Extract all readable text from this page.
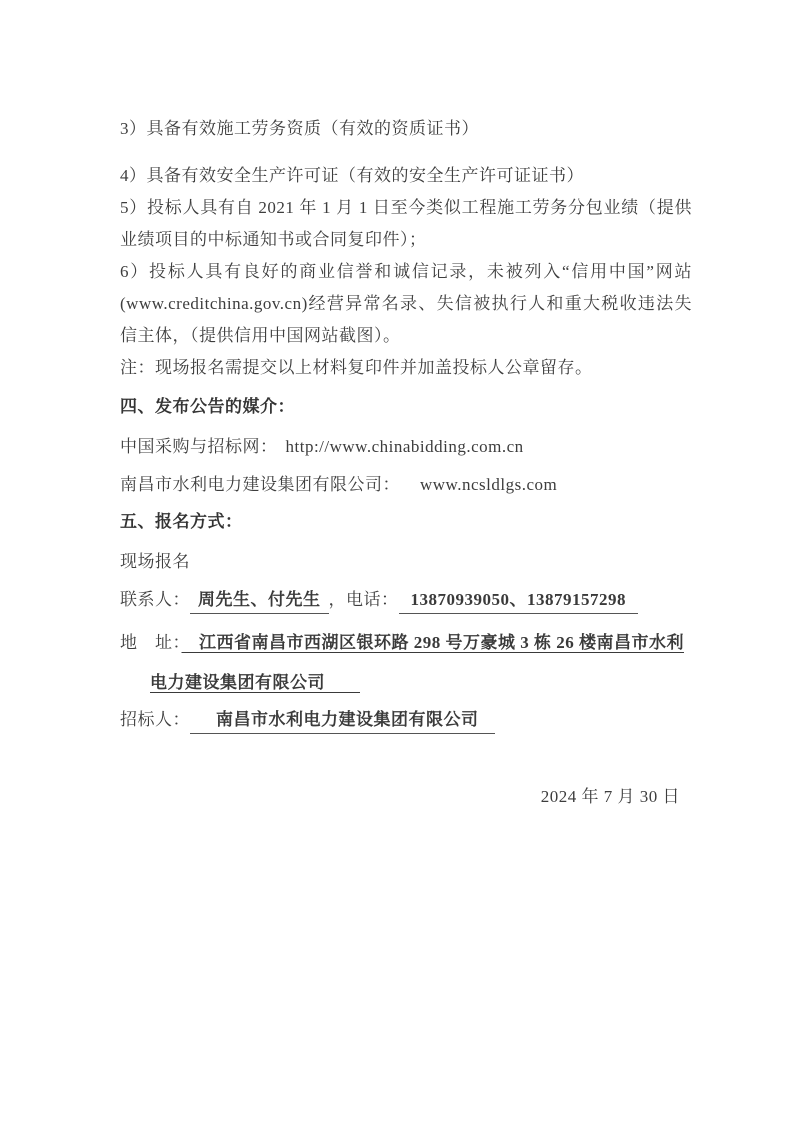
3）具备有效施工劳务资质（有效的资质证书）

4）具备有效安全生产许可证（有效的安全生产许可证证书）

5）投标人具有自 2021 年 1 月 1 日至今类似工程施工劳务分包业绩（提供业绩项目的中标通知书或合同复印件）；

6）投标人具有良好的商业信誉和诚信记录，未被列入“信用中国”网站(www.creditchina.gov.cn)经营异常名录、失信被执行人和重大税收违法失信主体，（提供信用中国网站截图）。

注：现场报名需提交以上材料复印件并加盖投标人公章留存。

四、发布公告的媒介：

中国采购与招标网： http://www.chinabidding.com.cn

南昌市水利电力建设集团有限公司： www.ncsldlgs.com

五、报名方式：

现场报名

联系人： 周先生、付先生 ，电话： 13870939050、13879157298

地　址： 江西省南昌市西湖区银环路 298 号万豪城 3 栋 26 楼南昌市水利电力建设集团有限公司

招标人： 南昌市水利电力建设集团有限公司

2024 年 7 月 30 日
